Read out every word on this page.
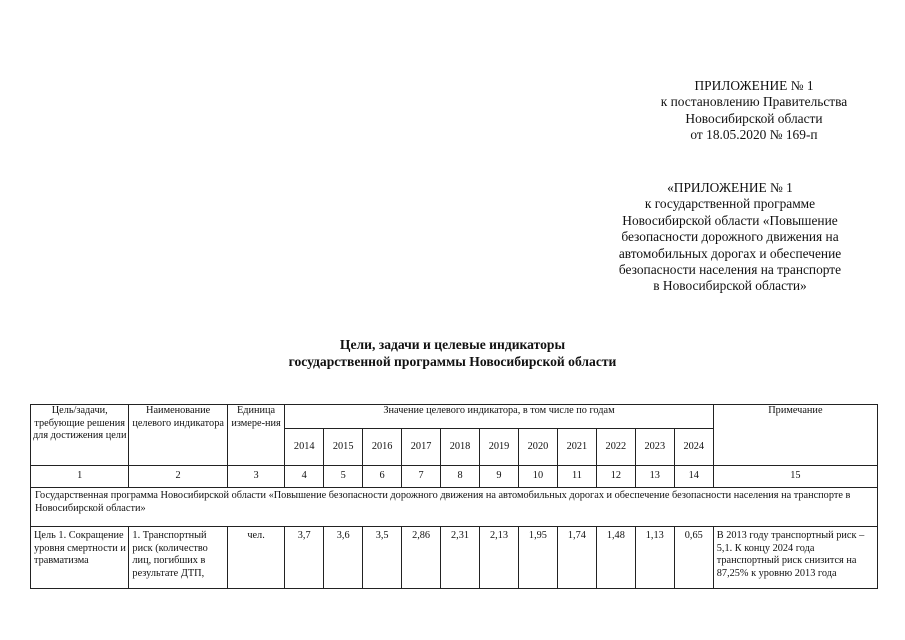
ПРИЛОЖЕНИЕ № 1
к постановлению Правительства
Новосибирской области
от 18.05.2020 № 169-п
«ПРИЛОЖЕНИЕ № 1
к государственной программе
Новосибирской области «Повышение
безопасности дорожного движения на
автомобильных дорогах и обеспечение
безопасности населения на транспорте
в Новосибирской области»
Цели, задачи и целевые индикаторы
государственной программы Новосибирской области
Цель/задачи, требующие решения для достижения цели	Наименование целевого индикатора	Единица измере-ния	Значение целевого индикатора, в том числе по годам											Примечание
			2014	2015	2016	2017	2018	2019	2020	2021	2022	2023	2024	
1	2	3	4	5	6	7	8	9	10	11	12	13	14	15
Государственная программа Новосибирской области «Повышение безопасности дорожного движения на автомобильных дорогах и обеспечение безопасности населения на транспорте в Новосибирской области»														
Цель 1. Сокращение уровня смертности и травматизма	1. Транспортный риск (количество лиц, погибших в результате ДТП,	чел.	3,7	3,6	3,5	2,86	2,31	2,13	1,95	1,74	1,48	1,13	0,65	В 2013 году транспортный риск – 5,1. К концу 2024 года транспортный риск снизится на 87,25% к уровню 2013 года
